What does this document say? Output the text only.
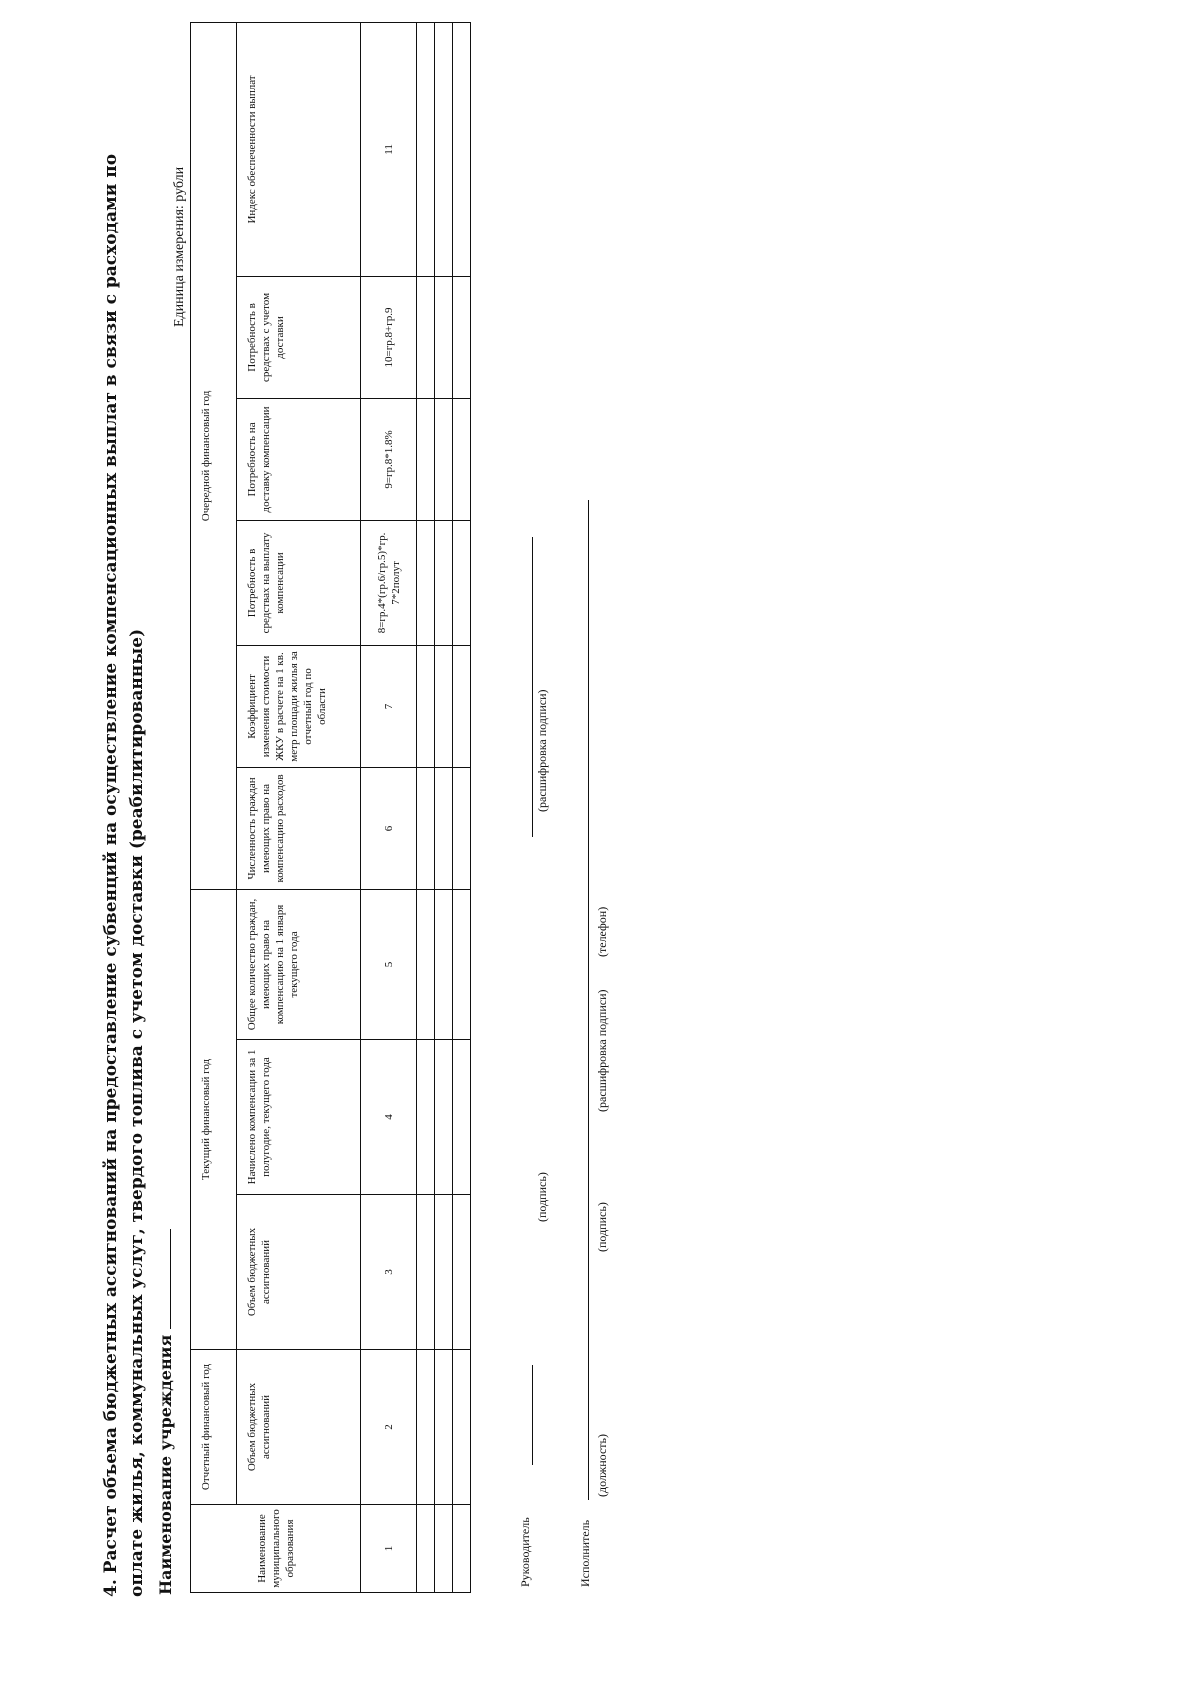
4. Расчет объема бюджетных ассигнований на предоставление субвенций на осуществление компенсационных выплат в связи с расходами по оплате жилья, коммунальных услуг, твердого топлива с учетом доставки (реабилитированные) Наименование учреждения
Единица измерения: рубли
Наименование муниципального образования	Отчетный финансовый год	Текущий финансовый год			Очередной финансовый год					
	Объем бюджетных ассигнований	Объем бюджетных ассигнований	Начислено компенсации за 1 полугодие, текущего года	Общее количество граждан, имеющих право на компенсацию на 1 января текущего года	Численность граждан имеющих право на компенсацию расходов	Коэффициент изменения стоимости ЖКУ в расчете на 1 кв. метр площади жилья за отчетный год по области	Потребность в средствах на выплату компенсации	Потребность на доставку компенсации	Потребность в средствах с учетом доставки	Индекс обеспеченности выплат
1	2	3	4	5	6	7	8=гр.4*(гр.6/гр.5)*гр. 7*2полут	9=гр.8*1.8%	10=гр.8+гр.9	11

Руководитель
(подпись)
(расшифровка подписи)
Исполнитель
(должность)
(подпись)
(расшифровка подписи)
(телефон)
